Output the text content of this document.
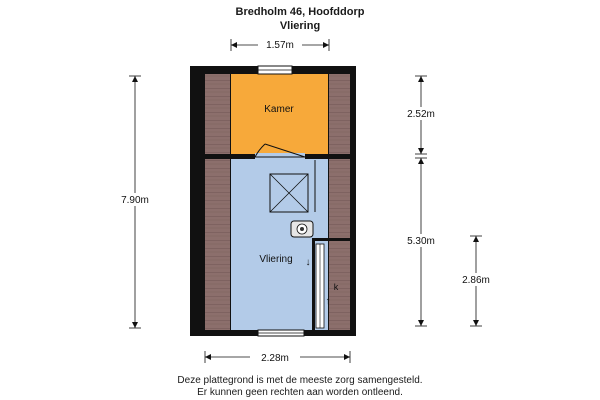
Bredholm 46, Hoofddorp
Vliering
Kamer
Vliering ↓
↑
k
1.57m
2.28m
7.90m
2.52m
5.30m
2.86m
Deze plattegrond is met de meeste zorg samengesteld.
Er kunnen geen rechten aan worden ontleend.
